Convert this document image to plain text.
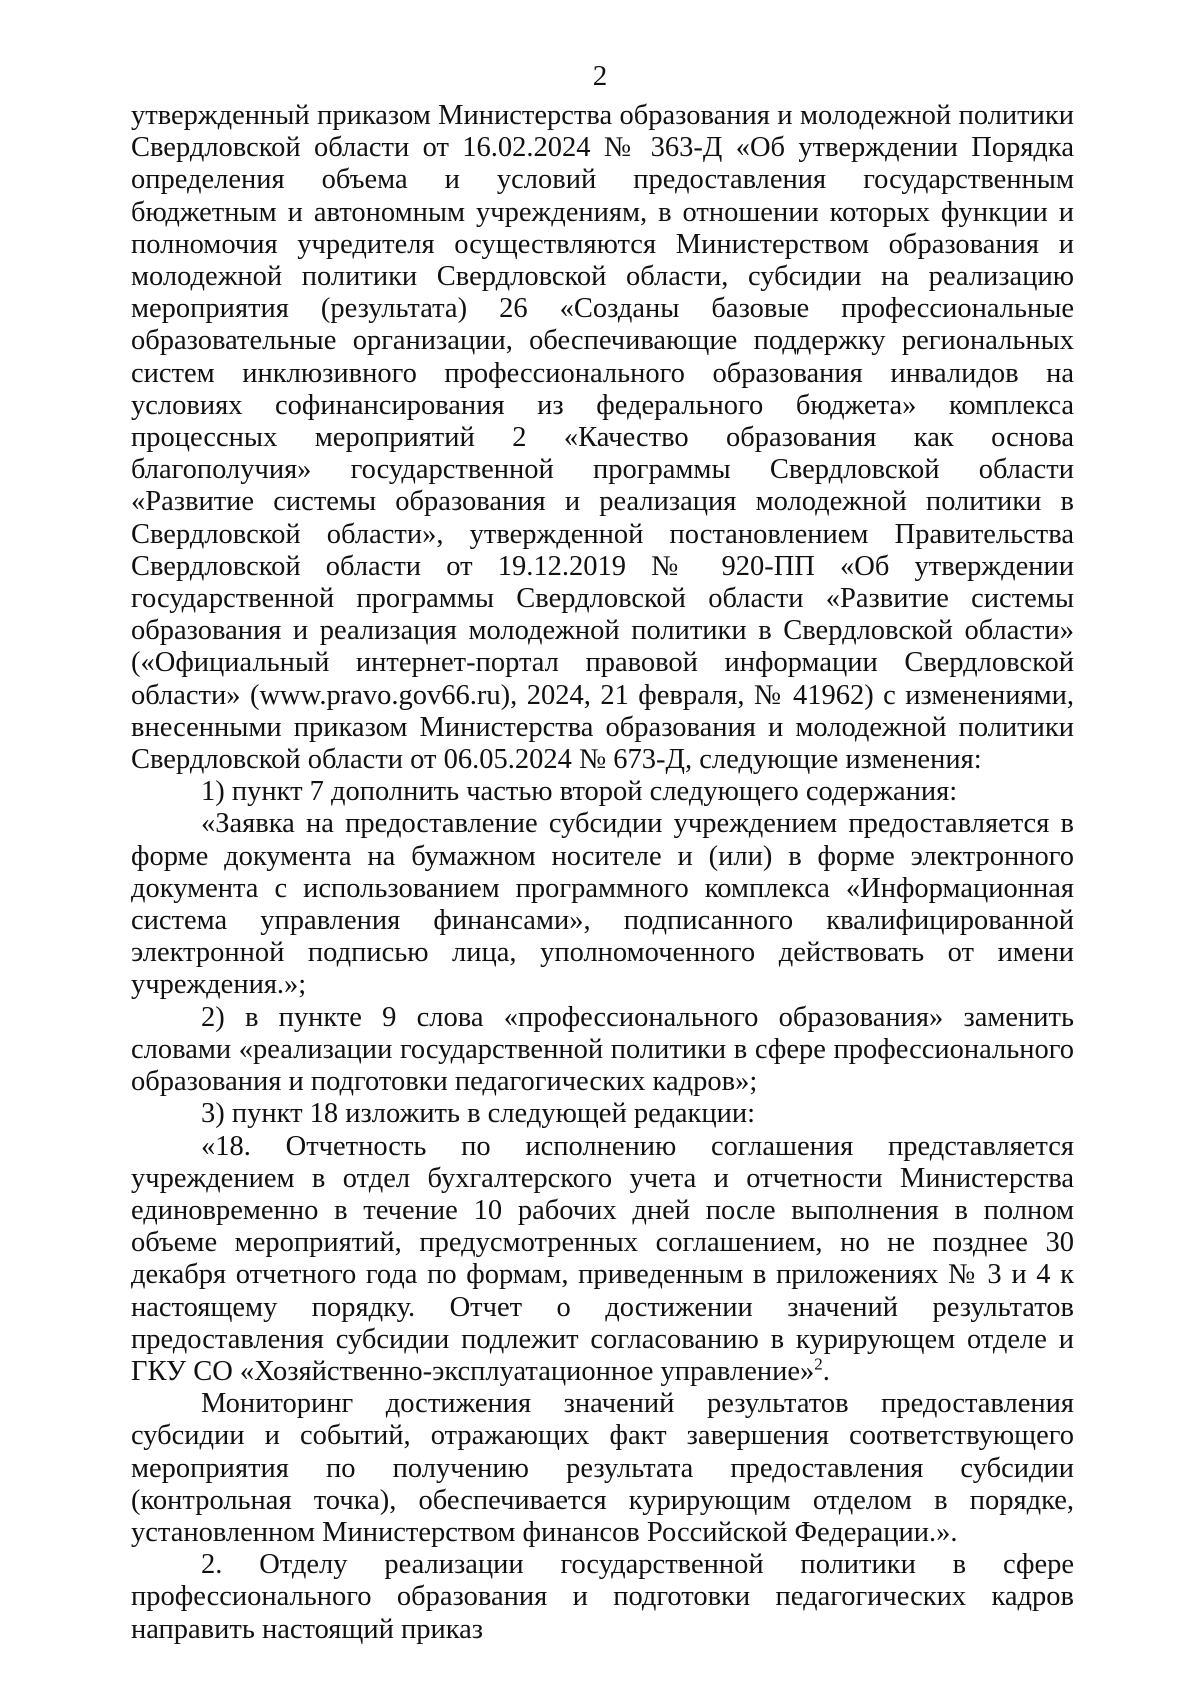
2

утвержденный приказом Министерства образования и молодежной политики Свердловской области от 16.02.2024 № 363-Д «Об утверждении Порядка определения объема и условий предоставления государственным бюджетным и автономным учреждениям, в отношении которых функции и полномочия учредителя осуществляются Министерством образования и молодежной политики Свердловской области, субсидии на реализацию мероприятия (результата) 26 «Созданы базовые профессиональные образовательные организации, обеспечивающие поддержку региональных систем инклюзивного профессионального образования инвалидов на условиях софинансирования из федерального бюджета» комплекса процессных мероприятий 2 «Качество образования как основа благополучия» государственной программы Свердловской области «Развитие системы образования и реализация молодежной политики в Свердловской области», утвержденной постановлением Правительства Свердловской области от 19.12.2019 № 920-ПП «Об утверждении государственной программы Свердловской области «Развитие системы образования и реализация молодежной политики в Свердловской области» («Официальный интернет-портал правовой информации Свердловской области» (www.pravo.gov66.ru), 2024, 21 февраля, № 41962) с изменениями, внесенными приказом Министерства образования и молодежной политики Свердловской области от 06.05.2024 № 673-Д, следующие изменения:

1) пункт 7 дополнить частью второй следующего содержания:

«Заявка на предоставление субсидии учреждением предоставляется в форме документа на бумажном носителе и (или) в форме электронного документа с использованием программного комплекса «Информационная система управления финансами», подписанного квалифицированной электронной подписью лица, уполномоченного действовать от имени учреждения.»;

2) в пункте 9 слова «профессионального образования» заменить словами «реализации государственной политики в сфере профессионального образования и подготовки педагогических кадров»;

3) пункт 18 изложить в следующей редакции:

«18. Отчетность по исполнению соглашения представляется учреждением в отдел бухгалтерского учета и отчетности Министерства единовременно в течение 10 рабочих дней после выполнения в полном объеме мероприятий, предусмотренных соглашением, но не позднее 30 декабря отчетного года по формам, приведенным в приложениях № 3 и 4 к настоящему порядку. Отчет о достижении значений результатов предоставления субсидии подлежит согласованию в курирующем отделе и ГКУ СО «Хозяйственно-эксплуатационное управление»$^2$.

Мониторинг достижения значений результатов предоставления субсидии и событий, отражающих факт завершения соответствующего мероприятия по получению результата предоставления субсидии (контрольная точка), обеспечивается курирующим отделом в порядке, установленном Министерством финансов Российской Федерации.».

2. Отделу реализации государственной политики в сфере профессионального образования и подготовки педагогических кадров направить настоящий приказ
